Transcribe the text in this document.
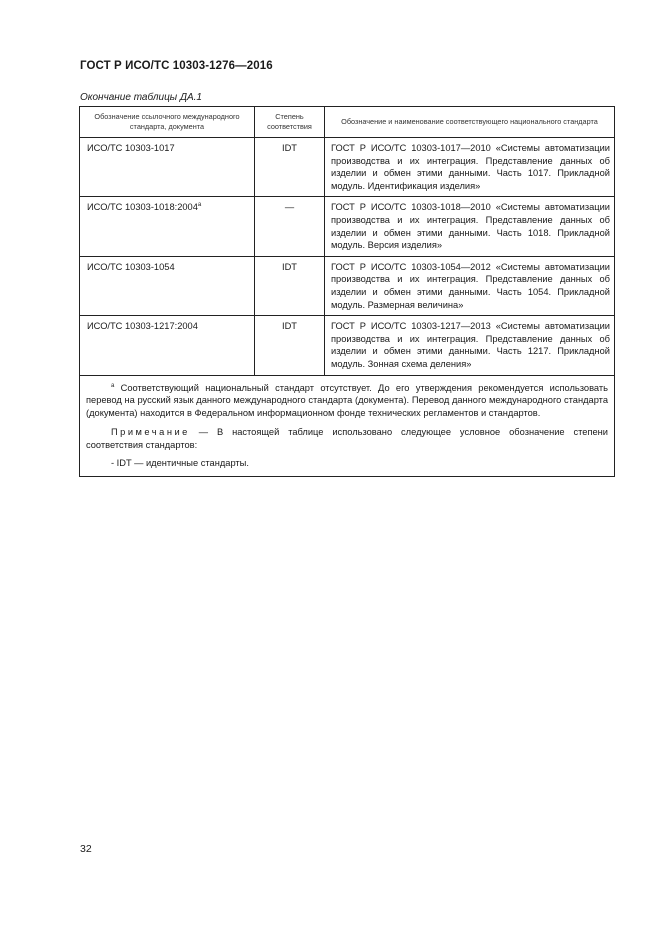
ГОСТ Р ИСО/ТС 10303-1276—2016
Окончание таблицы ДА.1
Обозначение ссылочного международного стандарта, документа	Степень соответствия	Обозначение и наименование соответствующего национального стандарта
ИСО/ТС 10303-1017	IDT	ГОСТ Р ИСО/ТС 10303-1017—2010 «Системы автоматизации производства и их интеграция. Представление данных об изделии и обмен этими данными. Часть 1017. Прикладной модуль. Идентификация изделия»
ИСО/ТС $10303-1018:2004^а$	—	ГОСТ Р ИСО/ТС 10303-1018—2010 «Системы автоматизации производства и их интеграция. Представление данных об изделии и обмен этими данными. Часть 1018. Прикладной модуль. Версия изделия»
ИСО/ТС 10303-1054	IDT	ГОСТ Р ИСО/ТС 10303-1054—2012 «Системы автоматизации производства и их интеграция. Представление данных об изделии и обмен этими данными. Часть 1054. Прикладной модуль. Размерная величина»
ИСО/ТС 10303-1217:2004	IDT	ГОСТ Р ИСО/ТС 10303-1217—2013 «Системы автоматизации производства и их интеграция. Представление данных об изделии и обмен этими данными. Часть 1217. Прикладной модуль. Зонная схема деления»

$^а$ Соответствующий национальный стандарт отсутствует. До его утверждения рекомендуется использовать перевод на русский язык данного международного стандарта (документа). Перевод данного международного стандарта (документа) находится в Федеральном информационном фонде технических регламентов и стандартов.

Примечание — В настоящей таблице использовано следующее условное обозначение степени соответствия стандартов:

- IDT — идентичные стандарты.		

32
